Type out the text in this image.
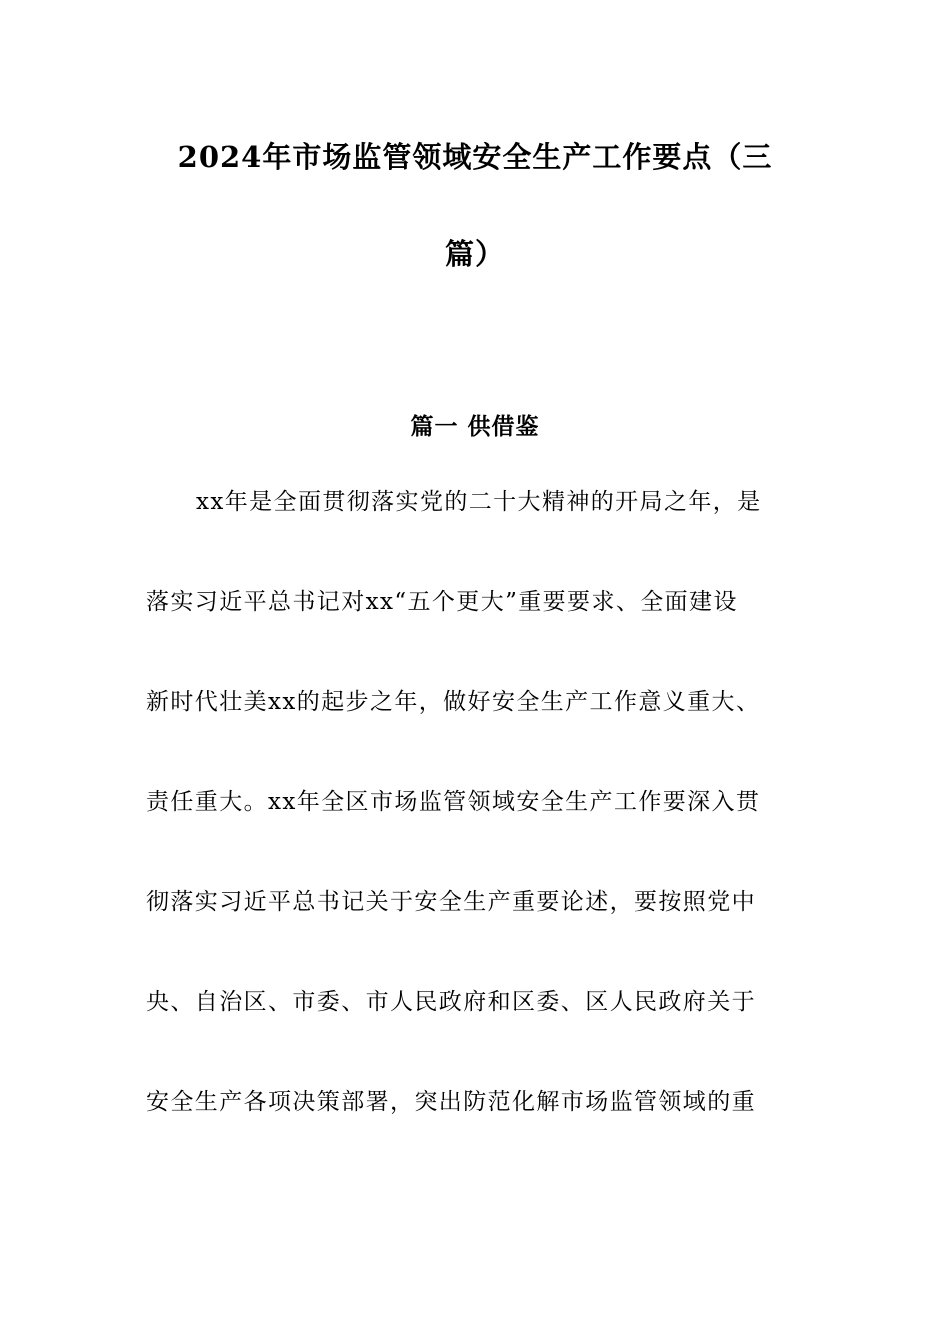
2024年市场监管领域安全生产工作要点（三
篇）
篇一 供借鉴
xx年是全面贯彻落实党的二十大精神的开局之年，是
落实习近平总书记对xx“五个更大”重要要求、全面建设
新时代壮美xx的起步之年，做好安全生产工作意义重大、
责任重大。xx年全区市场监管领域安全生产工作要深入贯
彻落实习近平总书记关于安全生产重要论述，要按照党中
央、自治区、市委、市人民政府和区委、区人民政府关于
安全生产各项决策部署，突出防范化解市场监管领域的重
